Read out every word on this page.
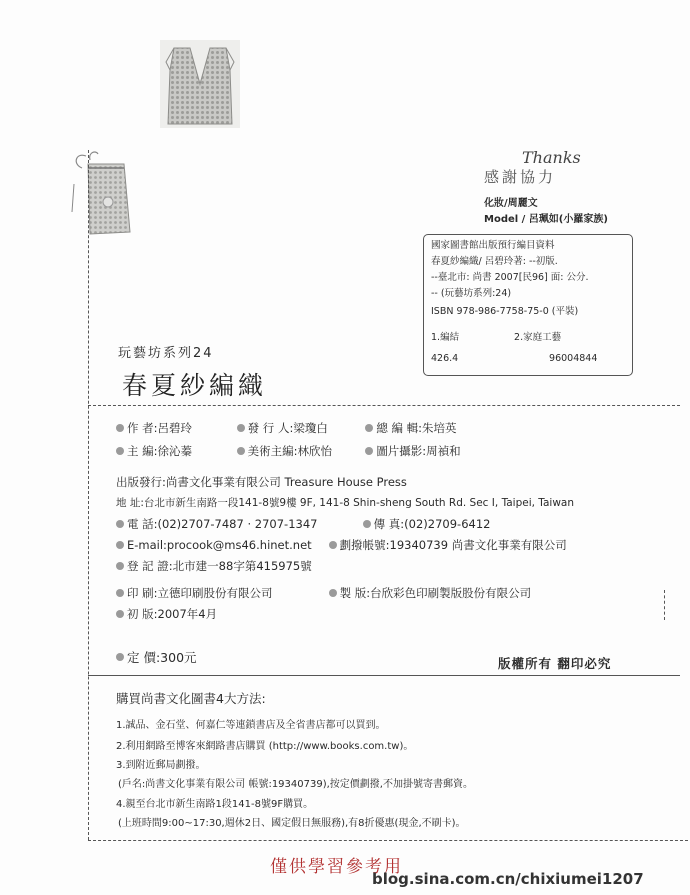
Thanks
感謝協力
化妝/周麗文
Model / 呂珮如(小羅家族)
國家圖書館出版預行編目資料
春夏紗編織/ 呂碧玲著: --初版.
--臺北市: 尚書 2007[民96] 面: 公分.
-- (玩藝坊系列:24)
ISBN 978-986-7758-75-0 (平裝)
1.編結	2.家庭工藝
426.4	96004844
玩藝坊系列24
春夏紗編織
作 者:呂碧玲	發 行 人:梁瓊白	總 編 輯:朱培英
主 編:徐沁蓁	美術主編:林欣怡	圖片攝影:周禎和
出版發行:尚書文化事業有限公司 Treasure House Press
地 址:台北市新生南路一段141-8號9樓 9F, 141-8 Shin-sheng South Rd. Sec I, Taipei, Taiwan
電 話:(02)2707-7487 · 2707-1347	傳 真:(02)2709-6412
E-mail:procook@ms46.hinet.net 劃撥帳號:19340739 尚書文化事業有限公司
登 記 證:北市建一88字第415975號
印 刷:立德印刷股份有限公司	製 版:台欣彩色印刷製版股份有限公司
初 版:2007年4月
定 價:300元	版權所有 翻印必究
購買尚書文化圖書4大方法:
1.誠品、金石堂、何嘉仁等連鎖書店及全省書店都可以買到。
2.利用網路至博客來網路書店購買 (http://www.books.com.tw)。
3.到附近郵局劃撥。
(戶名:尚書文化事業有限公司 帳號:19340739),按定價劃撥,不加掛號寄書郵資。
4.親至台北市新生南路1段141-8號9F購買。
(上班時間9:00~17:30,週休2日、國定假日無服務),有8折優惠(現金,不刷卡)。
僅供學習參考用
blog.sina.com.cn/chixiumei1207
